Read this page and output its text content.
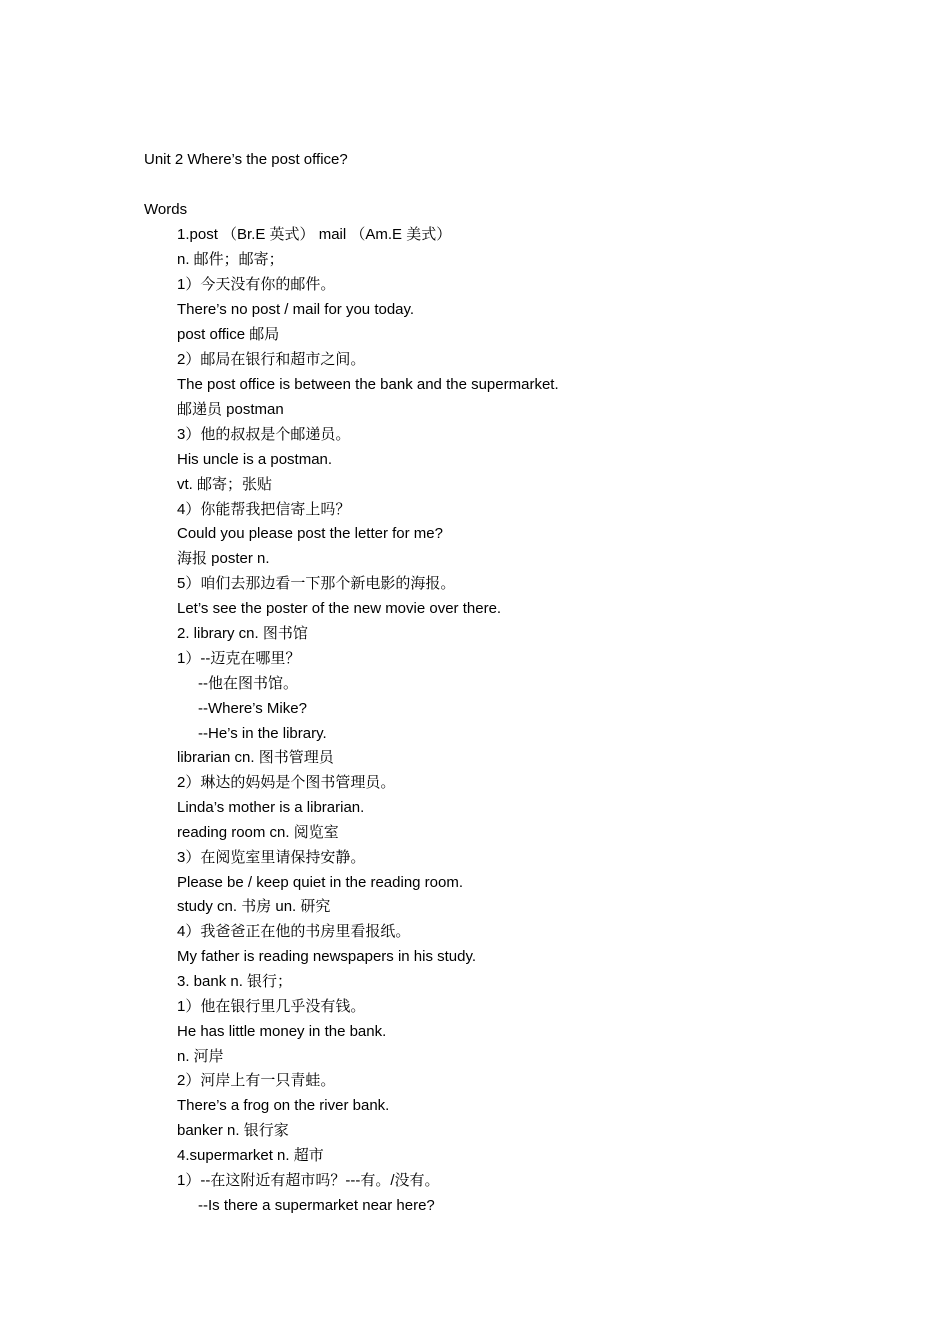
Unit 2 Where’s the post office?
Words
1.post （Br.E 英式） mail （Am.E 美式）
n. 邮件；邮寄；
1）今天没有你的邮件。
There’s no post / mail for you today.
post office 邮局
2）邮局在银行和超市之间。
The post office is between the bank and the supermarket.
邮递员 postman
3）他的叔叔是个邮递员。
His uncle is a postman.
vt. 邮寄；张贴
4）你能帮我把信寄上吗？
Could you please post the letter for me?
海报 poster n.
5）咱们去那边看一下那个新电影的海报。
Let’s see the poster of the new movie over there.
2. library cn. 图书馆
1）--迈克在哪里？
--他在图书馆。
--Where’s Mike?
--He’s in the library.
librarian cn. 图书管理员
2）琳达的妈妈是个图书管理员。
Linda’s mother is a librarian.
reading room cn. 阅览室
3）在阅览室里请保持安静。
Please be / keep quiet in the reading room.
study cn. 书房 un. 研究
4）我爸爸正在他的书房里看报纸。
My father is reading newspapers in his study.
3. bank n. 银行；
1）他在银行里几乎没有钱。
He has little money in the bank.
n. 河岸
2）河岸上有一只青蛙。
There’s a frog on the river bank.
banker n. 银行家
4.supermarket n. 超市
1）--在这附近有超市吗？---有。/没有。
--Is there a supermarket near here?
